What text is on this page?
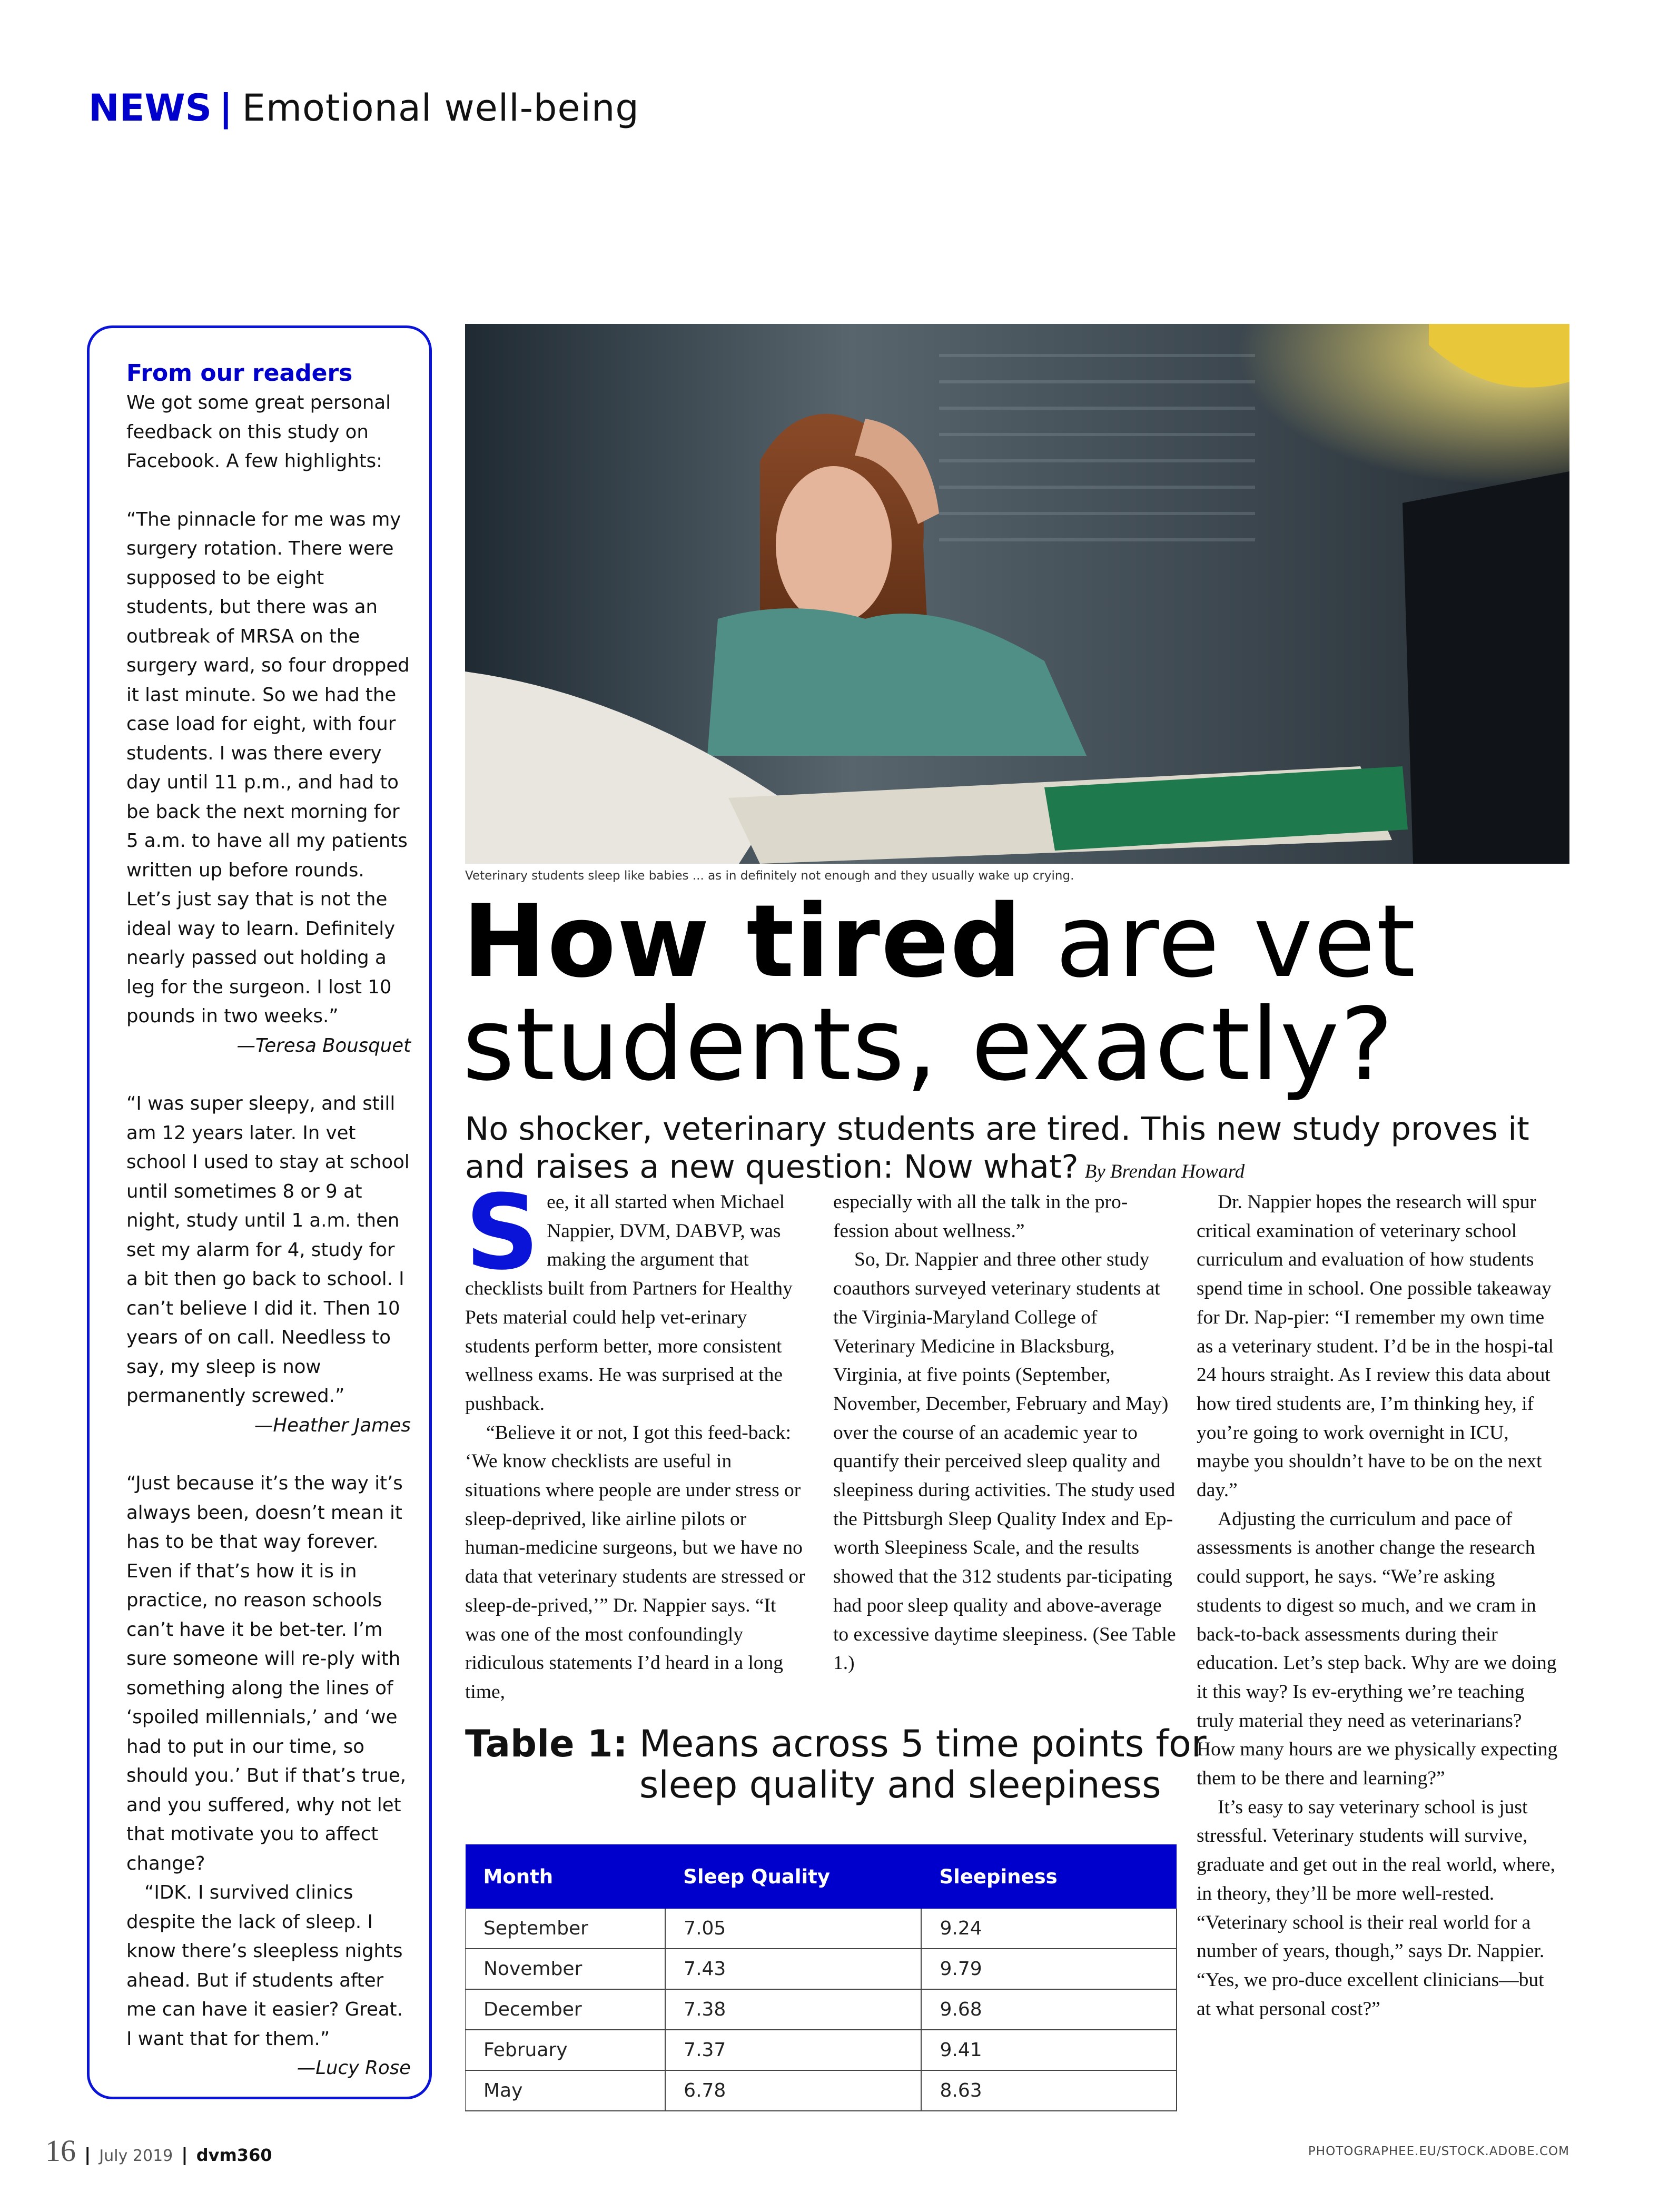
NEWS | Emotional well-being
From our readers

We got some great personal feedback on this study on Facebook. A few highlights:

“The pinnacle for me was my surgery rotation. There were supposed to be eight students, but there was an outbreak of MRSA on the surgery ward, so four dropped it last minute. So we had the case load for eight, with four students. I was there every day until 11 p.m., and had to be back the next morning for 5 a.m. to have all my patients written up before rounds. Let’s just say that is not the ideal way to learn. Definitely nearly passed out holding a leg for the surgeon. I lost 10 pounds in two weeks.”

—Teresa Bousquet

“I was super sleepy, and still am 12 years later. In vet school I used to stay at school until sometimes 8 or 9 at night, study until 1 a.m. then set my alarm for 4, study for a bit then go back to school. I can’t believe I did it. Then 10 years of on call. Needless to say, my sleep is now permanently screwed.”

—Heather James

“Just because it’s the way it’s always been, doesn’t mean it has to be that way forever. Even if that’s how it is in practice, no reason schools can’t have it be bet-ter. I’m sure someone will re-ply with something along the lines of ‘spoiled millennials,’ and ‘we had to put in our time, so should you.’ But if that’s true, and you suffered, why not let that motivate you to affect change?

“IDK. I survived clinics despite the lack of sleep. I know there’s sleepless nights ahead. But if students after me can have it easier? Great. I want that for them.”

—Lucy Rose

Veterinary students sleep like babies ... as in definitely not enough and they usually wake up crying.
How tired are vet
students, exactly?
No shocker, veterinary students are tired. This new study proves it and raises a new question: Now what? By Brendan Howard
S ee, it all started when Michael Nappier, DVM, DABVP, was making the argument that checklists built from Partners for Healthy Pets material could help vet-erinary students perform better, more consistent wellness exams. He was surprised at the pushback.

“Believe it or not, I got this feed-back: ‘We know checklists are useful in situations where people are under stress or sleep-deprived, like airline pilots or human-medicine surgeons, but we have no data that veterinary students are stressed or sleep-de-prived,’” Dr. Nappier says. “It was one of the most confoundingly ridiculous statements I’d heard in a long time,

especially with all the talk in the pro-fession about wellness.”

So, Dr. Nappier and three other study coauthors surveyed veterinary students at the Virginia-Maryland College of Veterinary Medicine in Blacksburg, Virginia, at five points (September, November, December, February and May) over the course of an academic year to quantify their perceived sleep quality and sleepiness during activities. The study used the Pittsburgh Sleep Quality Index and Ep-worth Sleepiness Scale, and the results showed that the 312 students par-ticipating had poor sleep quality and above-average to excessive daytime sleepiness. (See Table 1.)

Dr. Nappier hopes the research will spur critical examination of veterinary school curriculum and evaluation of how students spend time in school. One possible takeaway for Dr. Nap-pier: “I remember my own time as a veterinary student. I’d be in the hospi-tal 24 hours straight. As I review this data about how tired students are, I’m thinking hey, if you’re going to work overnight in ICU, maybe you shouldn’t have to be on the next day.”

Adjusting the curriculum and pace of assessments is another change the research could support, he says. “We’re asking students to digest so much, and we cram in back-to-back assessments during their education. Let’s step back. Why are we doing it this way? Is ev-erything we’re teaching truly material they need as veterinarians? How many hours are we physically expecting them to be there and learning?”

It’s easy to say veterinary school is just stressful. Veterinary students will survive, graduate and get out in the real world, where, in theory, they’ll be more well-rested. “Veterinary school is their real world for a number of years, though,” says Dr. Nappier. “Yes, we pro-duce excellent clinicians—but at what personal cost?”

Table 1: Means across 5 time points for sleep quality and sleepiness
Month	Sleep Quality	Sleepiness
September	7.05	9.24
November	7.43	9.79
December	7.38	9.68
February	7.37	9.41
May	6.78	8.63
16 | July 2019 | dvm360	PHOTOGRAPHEE.EU/STOCK.ADOBE.COM
